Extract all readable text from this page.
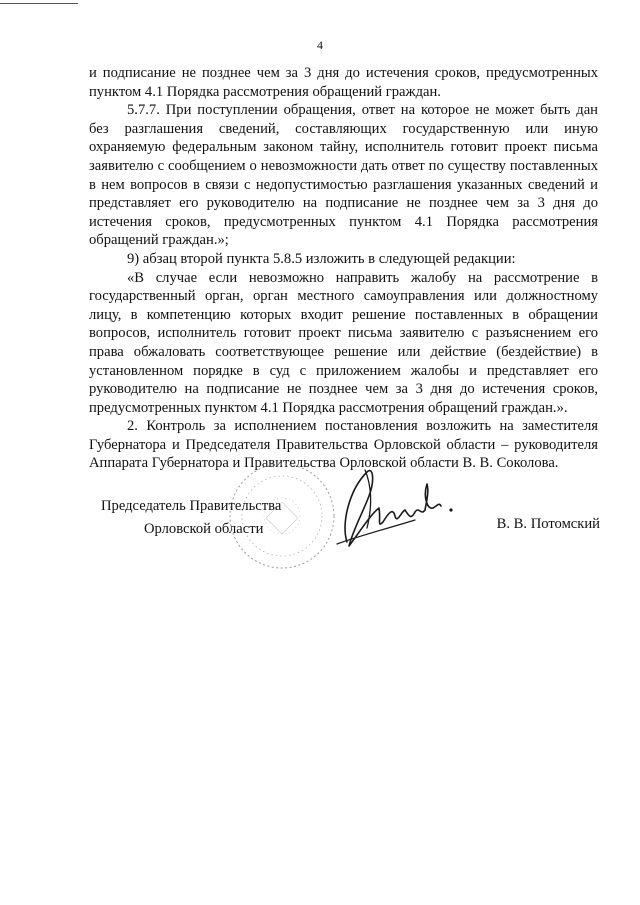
4

и подписание не позднее чем за 3 дня до истечения сроков, предусмотренных пунктом 4.1 Порядка рассмотрения обращений граждан.

5.7.7. При поступлении обращения, ответ на которое не может быть дан без разглашения сведений, составляющих государственную или иную охраняемую федеральным законом тайну, исполнитель готовит проект письма заявителю с сообщением о невозможности дать ответ по существу поставленных в нем вопросов в связи с недопустимостью разглашения указанных сведений и представляет его руководителю на подписание не позднее чем за 3 дня до истечения сроков, предусмотренных пунктом 4.1 Порядка рассмотрения обращений граждан.»;

9) абзац второй пункта 5.8.5 изложить в следующей редакции:

«В случае если невозможно направить жалобу на рассмотрение в государственный орган, орган местного самоуправления или должностному лицу, в компетенцию которых входит решение поставленных в обращении вопросов, исполнитель готовит проект письма заявителю с разъяснением его права обжаловать соответствующее решение или действие (бездействие) в установленном порядке в суд с приложением жалобы и представляет его руководителю на подписание не позднее чем за 3 дня до истечения сроков, предусмотренных пунктом 4.1 Порядка рассмотрения обращений граждан.».

2. Контроль за исполнением постановления возложить на заместителя Губернатора и Председателя Правительства Орловской области – руководителя Аппарата Губернатора и Правительства Орловской области В. В. Соколова.

Председатель Правительства
Орловской области	В. В. Потомский
